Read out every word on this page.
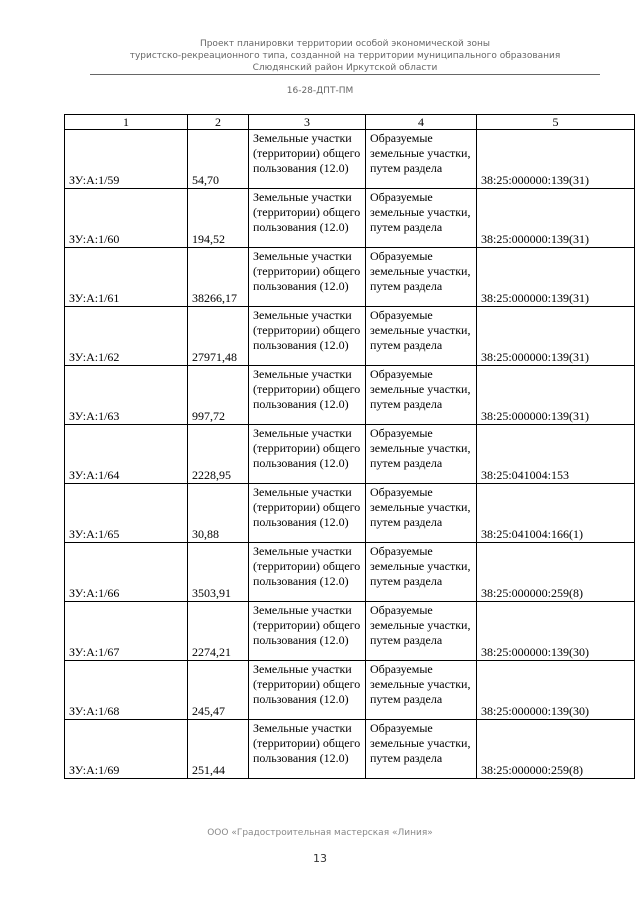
Проект планировки территории особой экономической зоны
туристско-рекреационного типа, созданной на территории муниципального образования
Слюдянский район Иркутской области
16-28-ДПТ-ПМ
1	2	3	4	5
ЗУ:А:1/59	54,70	Земельные участки (территории) общего пользования (12.0)	Образуемые земельные участки, путем раздела	38:25:000000:139(31)
ЗУ:А:1/60	194,52	Земельные участки (территории) общего пользования (12.0)	Образуемые земельные участки, путем раздела	38:25:000000:139(31)
ЗУ:А:1/61	38266,17	Земельные участки (территории) общего пользования (12.0)	Образуемые земельные участки, путем раздела	38:25:000000:139(31)
ЗУ:А:1/62	27971,48	Земельные участки (территории) общего пользования (12.0)	Образуемые земельные участки, путем раздела	38:25:000000:139(31)
ЗУ:А:1/63	997,72	Земельные участки (территории) общего пользования (12.0)	Образуемые земельные участки, путем раздела	38:25:000000:139(31)
ЗУ:А:1/64	2228,95	Земельные участки (территории) общего пользования (12.0)	Образуемые земельные участки, путем раздела	38:25:041004:153
ЗУ:А:1/65	30,88	Земельные участки (территории) общего пользования (12.0)	Образуемые земельные участки, путем раздела	38:25:041004:166(1)
ЗУ:А:1/66	3503,91	Земельные участки (территории) общего пользования (12.0)	Образуемые земельные участки, путем раздела	38:25:000000:259(8)
ЗУ:А:1/67	2274,21	Земельные участки (территории) общего пользования (12.0)	Образуемые земельные участки, путем раздела	38:25:000000:139(30)
ЗУ:А:1/68	245,47	Земельные участки (территории) общего пользования (12.0)	Образуемые земельные участки, путем раздела	38:25:000000:139(30)
ЗУ:А:1/69	251,44	Земельные участки (территории) общего пользования (12.0)	Образуемые земельные участки, путем раздела	38:25:000000:259(8)
ООО «Градостроительная мастерская «Линия»
13
